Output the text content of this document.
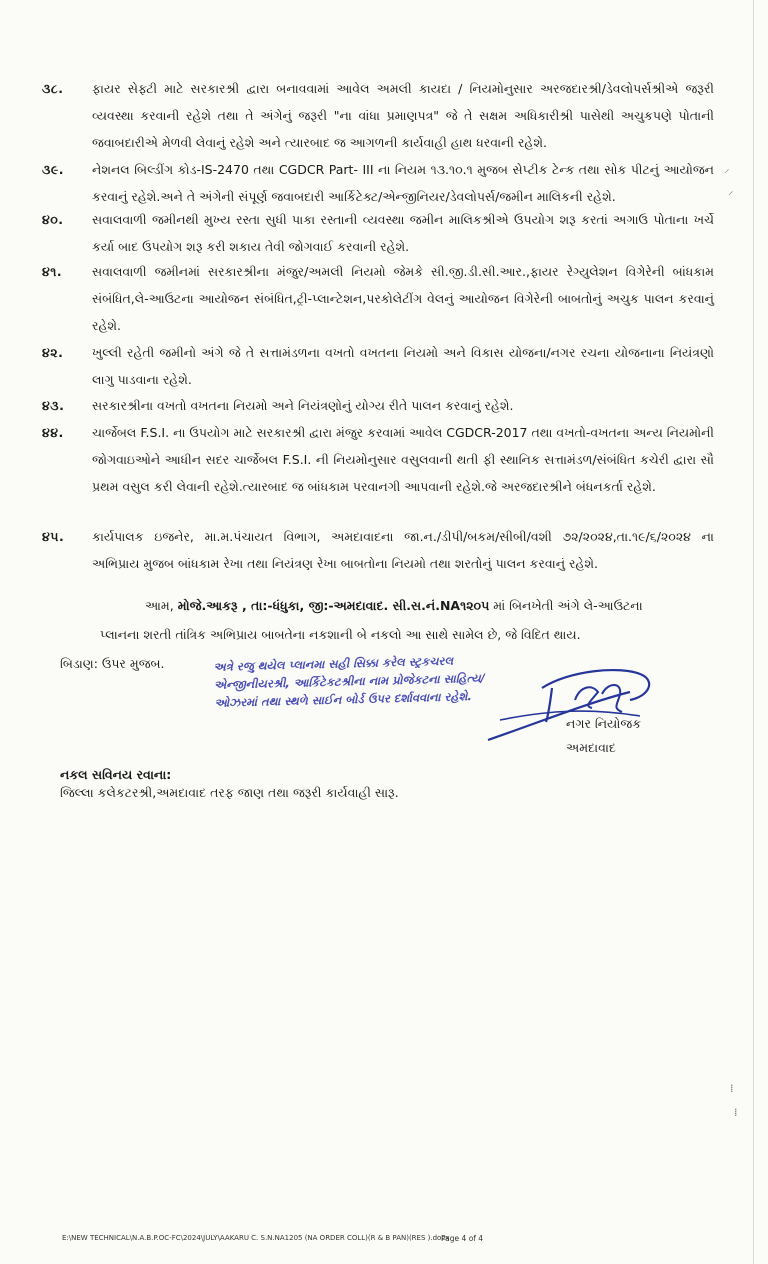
૩૮. ફાયર સેફ્ટી માટે સરકારશ્રી દ્વારા બનાવવામાં આવેલ અમલી કાયદા / નિયમોનુસાર અરજદારશ્રી/ડેવલોપર્સશ્રીએ જરૂરી વ્યવસ્થા કરવાની રહેશે તથા તે અંગેનું જરૂરી "ના વાંધા પ્રમાણપત્ર" જે તે સક્ષમ અધિકારીશ્રી પાસેથી અચુકપણે પોતાની જવાબદારીએ મેળવી લેવાનું રહેશે અને ત્યારબાદ જ આગળની કાર્યવાહી હાથ ધરવાની રહેશે.
૩૯. નેશનલ બિલ્ડીંગ કોડ-IS-2470 તથા CGDCR Part- III ના નિયમ ૧૩.૧૦.૧ મુજબ સેપ્ટીક ટેન્ક તથા સોક પીટનું આયોજન કરવાનું રહેશે.અને તે અંગેની સંપૂર્ણ જવાબદારી આર્કિટેક્ટ/એન્જીનિયર/ડેવલોપર્સ/જમીન માલિકની રહેશે.
૪૦. સવાલવાળી જમીનથી મુખ્ય રસ્તા સુધી પાકા રસ્તાની વ્યવસ્થા જમીન માલિકશ્રીએ ઉપયોગ શરૂ કરતાં અગાઉ પોતાના ખર્ચે કર્યા બાદ ઉપયોગ શરૂ કરી શકાય તેવી જોગવાઈ કરવાની રહેશે.
૪૧. સવાલવાળી જમીનમાં સરકારશ્રીના મંજુર/અમલી નિયમો જેમકે સી.જી.ડી.સી.આર.,ફાયર રેગ્યુલેશન વિગેરેની બાંધકામ સંબંધિત,લે-આઉટના આયોજન સંબંધિત,ટ્રી-પ્લાન્ટેશન,પરકોલેટીંગ વેલનું આયોજન વિગેરેની બાબતોનું અચુક પાલન કરવાનું રહેશે.
૪૨. ખુલ્લી રહેતી જમીનો અંગે જે તે સત્તામંડળના વખતો વખતના નિયમો અને વિકાસ યોજના/નગર રચના યોજનાના નિયંત્રણો લાગુ પાડવાના રહેશે.
૪૩. સરકારશ્રીના વખતો વખતના નિયમો અને નિયંત્રણોનું યોગ્ય રીતે પાલન કરવાનું રહેશે.
૪૪. ચાર્જેબલ F.S.I. ના ઉપયોગ માટે સરકારશ્રી દ્વારા મંજુર કરવામાં આવેલ CGDCR-2017 તથા વખતો-વખતના અન્ય નિયમોની જોગવાઇઓને આધીન સદર ચાર્જેબલ F.S.I. ની નિયમોનુસાર વસુલવાની થતી ફી સ્થાનિક સત્તામંડળ/સંબંધિત કચેરી દ્વારા સૌ પ્રથમ વસુલ કરી લેવાની રહેશે.ત્યારબાદ જ બાંધકામ પરવાનગી આપવાની રહેશે.જે અરજદારશ્રીને બંધનકર્તા રહેશે.
૪૫. કાર્યપાલક ઇજનેર, મા.મ.પંચાયત વિભાગ, અમદાવાદના જા.ન./ડીપી/બકમ/સીબી/વશી ૭૨/૨૦૨૪,તા.૧૯/૬/૨૦૨૪ ના અભિપ્રાય મુજબ બાંધકામ રેખા તથા નિયંત્રણ રેખા બાબતોના નિયમો તથા શરતોનું પાલન કરવાનું રહેશે.
આમ, મોજે.આકરૂ , તા:-ધંધુકા, જી:-અમદાવાદ. સી.સ.નં.NA૧૨૦૫ માં બિનખેતી અંગે લે-આઉટના
પ્લાનના શરતી તાંત્રિક અભિપ્રાય બાબતેના નકશાની બે નકલો આ સાથે સામેલ છે, જે વિદિત થાય.
બિડાણ: ઉપર મુજબ.	અત્રે રજુ થયેલ પ્લાનમા સહી સિક્કા કરેલ સ્ટ્રકચરલ
એન્જીનીયરશ્રી, આર્કિટેકટશ્રીના નામ પ્રોજેકટના સાહિત્ય/
ઓઝરમાં તથા સ્થળે સાઈન બોર્ડ ઉપર દર્શાવવાના રહેશે.
નગર નિયોજક
અમદાવાદ
નકલ સવિનય રવાના:
જિલ્લા કલેકટરશ્રી,અમદાવાદ તરફ જાણ તથા જરૂરી કાર્યવાહી સારૂ.
⸍
⸍
⁞
⁞
E:\NEW TECHNICAL\N.A.B.P.OC-FC\2024\JULY\AAKARU C. S.N.NA1205 (NA ORDER COLL)(R & B PAN)(RES ).docx
Page 4 of 4
